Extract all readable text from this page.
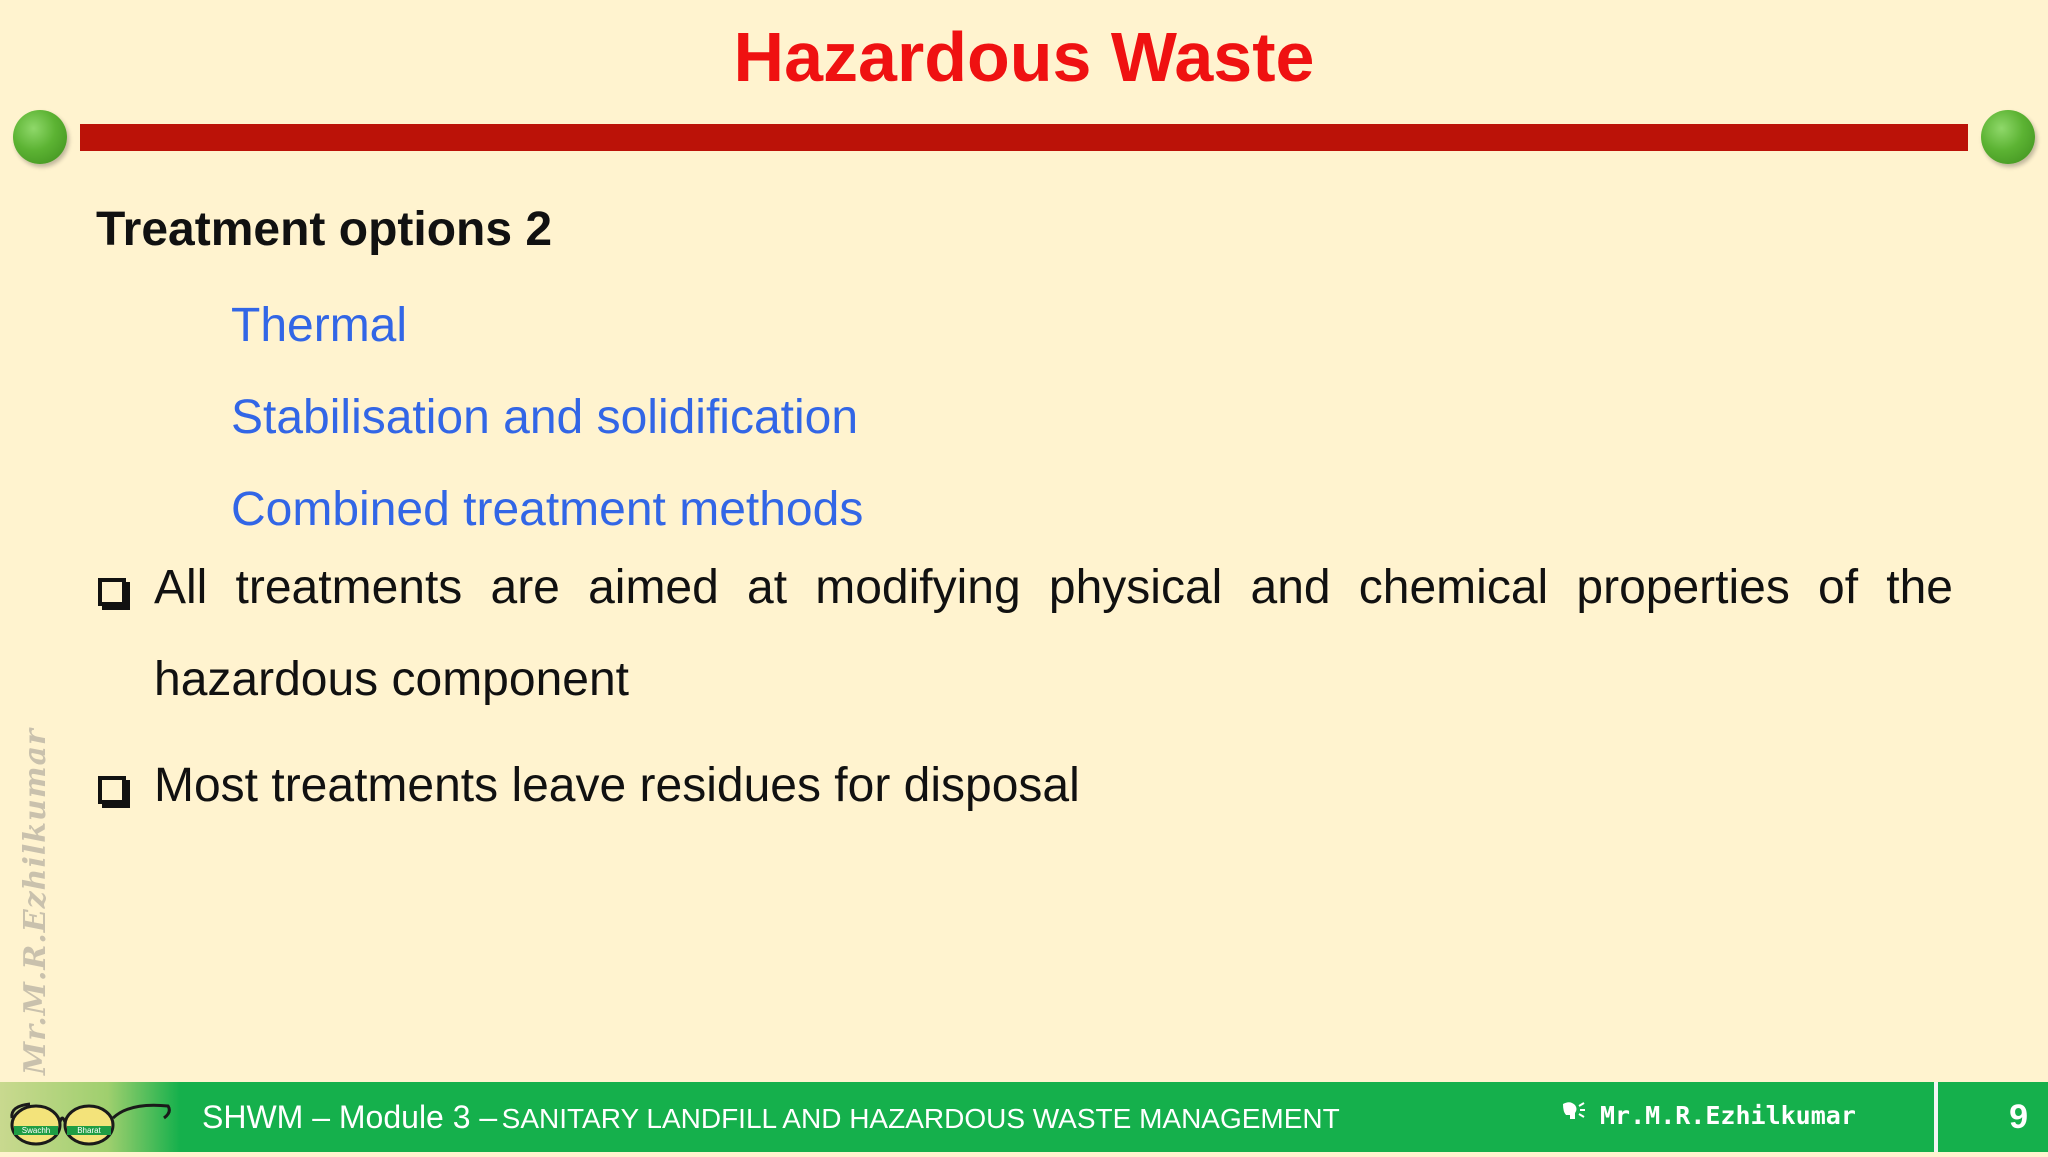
Hazardous Waste
Treatment options 2
Thermal
Stabilisation and solidification
Combined treatment methods
All treatments are aimed at modifying physical and chemical properties of the hazardous component
Most treatments leave residues for disposal
Mr.M.R.Ezhilkumar
Swachh	Bharat	SHWM – Module 3 – SANITARY LANDFILL AND HAZARDOUS WASTE MANAGEMENT	Mr.M.R.Ezhilkumar	9
